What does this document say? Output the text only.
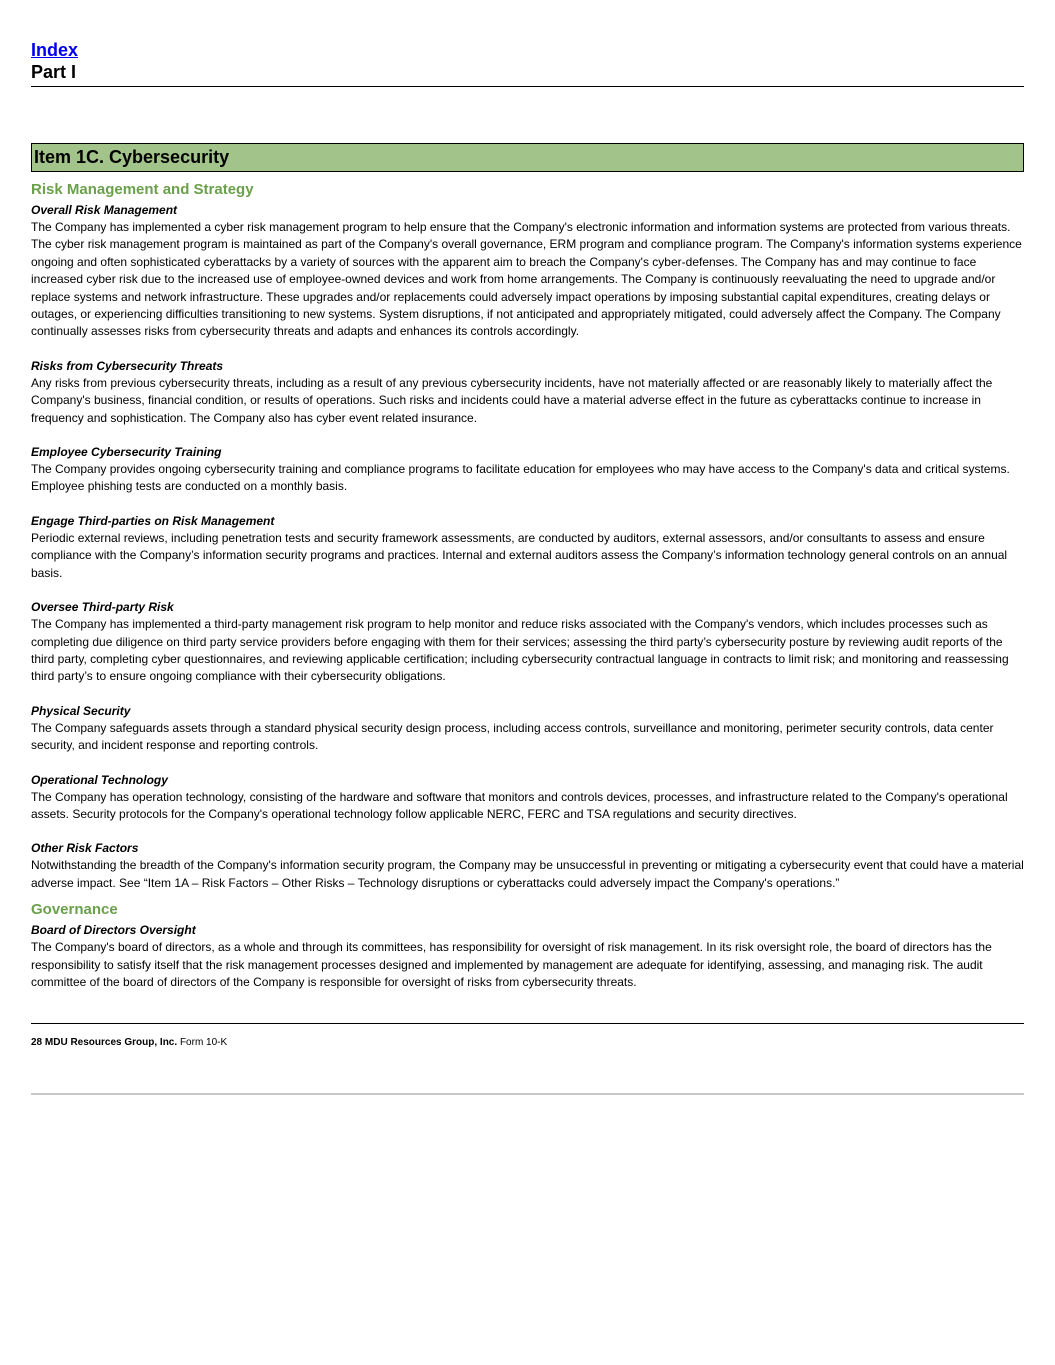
Index
Part I
Item 1C. Cybersecurity
Risk Management and Strategy
Overall Risk Management

The Company has implemented a cyber risk management program to help ensure that the Company's electronic information and information systems are protected from various threats. The cyber risk management program is maintained as part of the Company's overall governance, ERM program and compliance program. The Company's information systems experience ongoing and often sophisticated cyberattacks by a variety of sources with the apparent aim to breach the Company's cyber-defenses. The Company has and may continue to face increased cyber risk due to the increased use of employee-owned devices and work from home arrangements. The Company is continuously reevaluating the need to upgrade and/or replace systems and network infrastructure. These upgrades and/or replacements could adversely impact operations by imposing substantial capital expenditures, creating delays or outages, or experiencing difficulties transitioning to new systems. System disruptions, if not anticipated and appropriately mitigated, could adversely affect the Company. The Company continually assesses risks from cybersecurity threats and adapts and enhances its controls accordingly.

Risks from Cybersecurity Threats

Any risks from previous cybersecurity threats, including as a result of any previous cybersecurity incidents, have not materially affected or are reasonably likely to materially affect the Company's business, financial condition, or results of operations. Such risks and incidents could have a material adverse effect in the future as cyberattacks continue to increase in frequency and sophistication. The Company also has cyber event related insurance.

Employee Cybersecurity Training

The Company provides ongoing cybersecurity training and compliance programs to facilitate education for employees who may have access to the Company's data and critical systems. Employee phishing tests are conducted on a monthly basis.

Engage Third-parties on Risk Management

Periodic external reviews, including penetration tests and security framework assessments, are conducted by auditors, external assessors, and/or consultants to assess and ensure compliance with the Company’s information security programs and practices. Internal and external auditors assess the Company’s information technology general controls on an annual basis.

Oversee Third-party Risk

The Company has implemented a third-party management risk program to help monitor and reduce risks associated with the Company's vendors, which includes processes such as completing due diligence on third party service providers before engaging with them for their services; assessing the third party’s cybersecurity posture by reviewing audit reports of the third party, completing cyber questionnaires, and reviewing applicable certification; including cybersecurity contractual language in contracts to limit risk; and monitoring and reassessing third party’s to ensure ongoing compliance with their cybersecurity obligations.

Physical Security

The Company safeguards assets through a standard physical security design process, including access controls, surveillance and monitoring, perimeter security controls, data center security, and incident response and reporting controls.

Operational Technology

The Company has operation technology, consisting of the hardware and software that monitors and controls devices, processes, and infrastructure related to the Company's operational assets. Security protocols for the Company's operational technology follow applicable NERC, FERC and TSA regulations and security directives.

Other Risk Factors

Notwithstanding the breadth of the Company's information security program, the Company may be unsuccessful in preventing or mitigating a cybersecurity event that could have a material adverse impact. See “Item 1A – Risk Factors – Other Risks – Technology disruptions or cyberattacks could adversely impact the Company's operations.”

Governance
Board of Directors Oversight

The Company's board of directors, as a whole and through its committees, has responsibility for oversight of risk management. In its risk oversight role, the board of directors has the responsibility to satisfy itself that the risk management processes designed and implemented by management are adequate for identifying, assessing, and managing risk. The audit committee of the board of directors of the Company is responsible for oversight of risks from cybersecurity threats.

28 MDU Resources Group, Inc. Form 10-K
